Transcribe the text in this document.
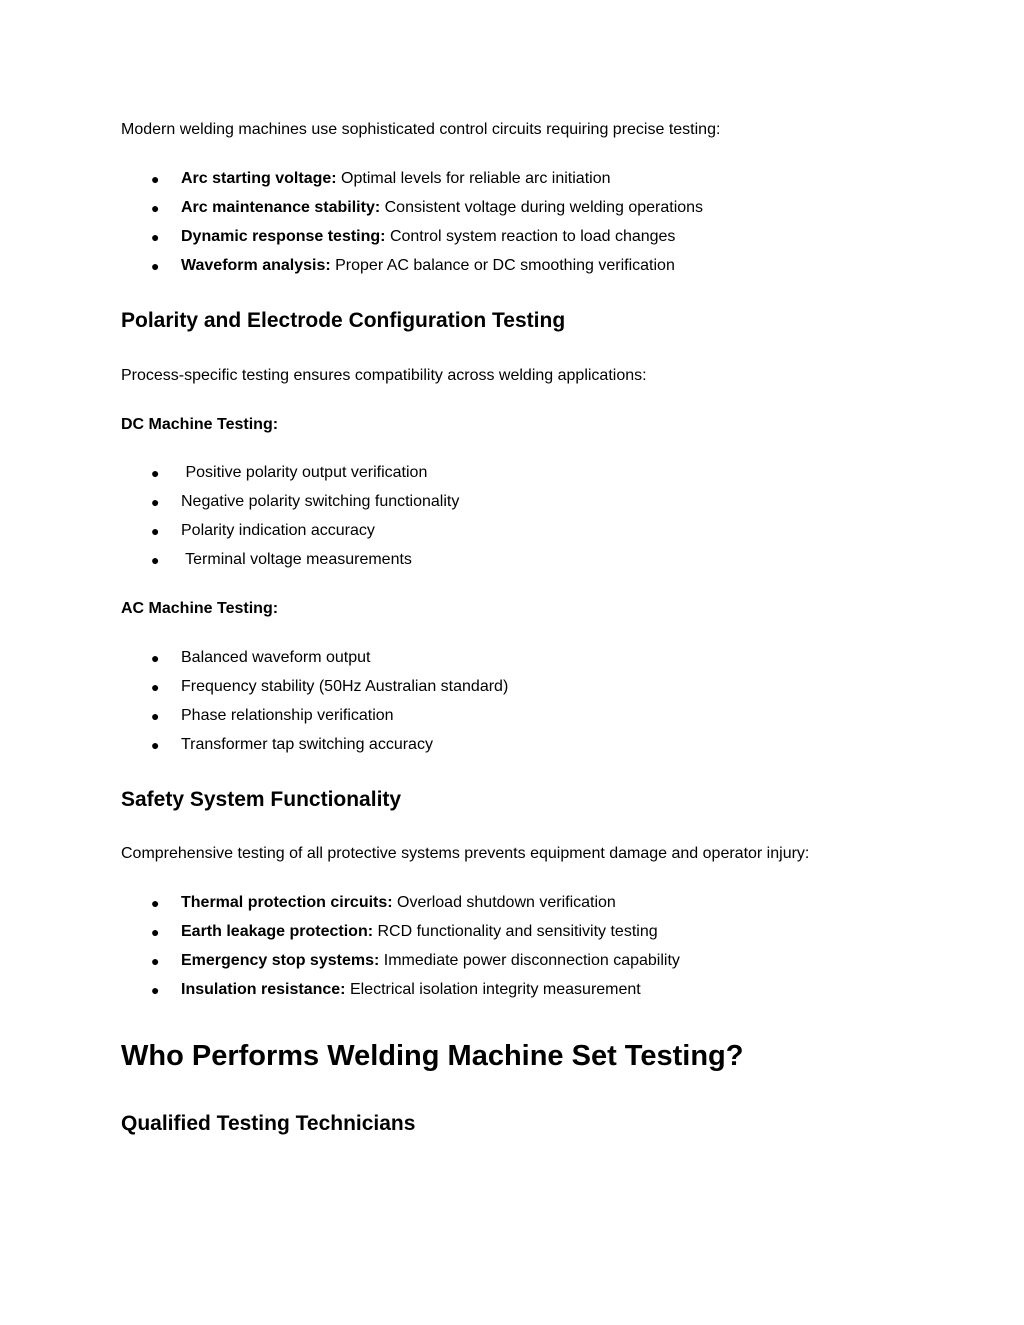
Modern welding machines use sophisticated control circuits requiring precise testing:

● Arc starting voltage: Optimal levels for reliable arc initiation
● Arc maintenance stability: Consistent voltage during welding operations
● Dynamic response testing: Control system reaction to load changes
● Waveform analysis: Proper AC balance or DC smoothing verification
Polarity and Electrode Configuration Testing

Process-specific testing ensures compatibility across welding applications:

DC Machine Testing:

● Positive polarity output verification
● Negative polarity switching functionality
● Polarity indication accuracy
● Terminal voltage measurements

AC Machine Testing:

● Balanced waveform output
● Frequency stability (50Hz Australian standard)
● Phase relationship verification
● Transformer tap switching accuracy
Safety System Functionality

Comprehensive testing of all protective systems prevents equipment damage and operator injury:

● Thermal protection circuits: Overload shutdown verification
● Earth leakage protection: RCD functionality and sensitivity testing
● Emergency stop systems: Immediate power disconnection capability
● Insulation resistance: Electrical isolation integrity measurement
Who Performs Welding Machine Set Testing?
Qualified Testing Technicians
